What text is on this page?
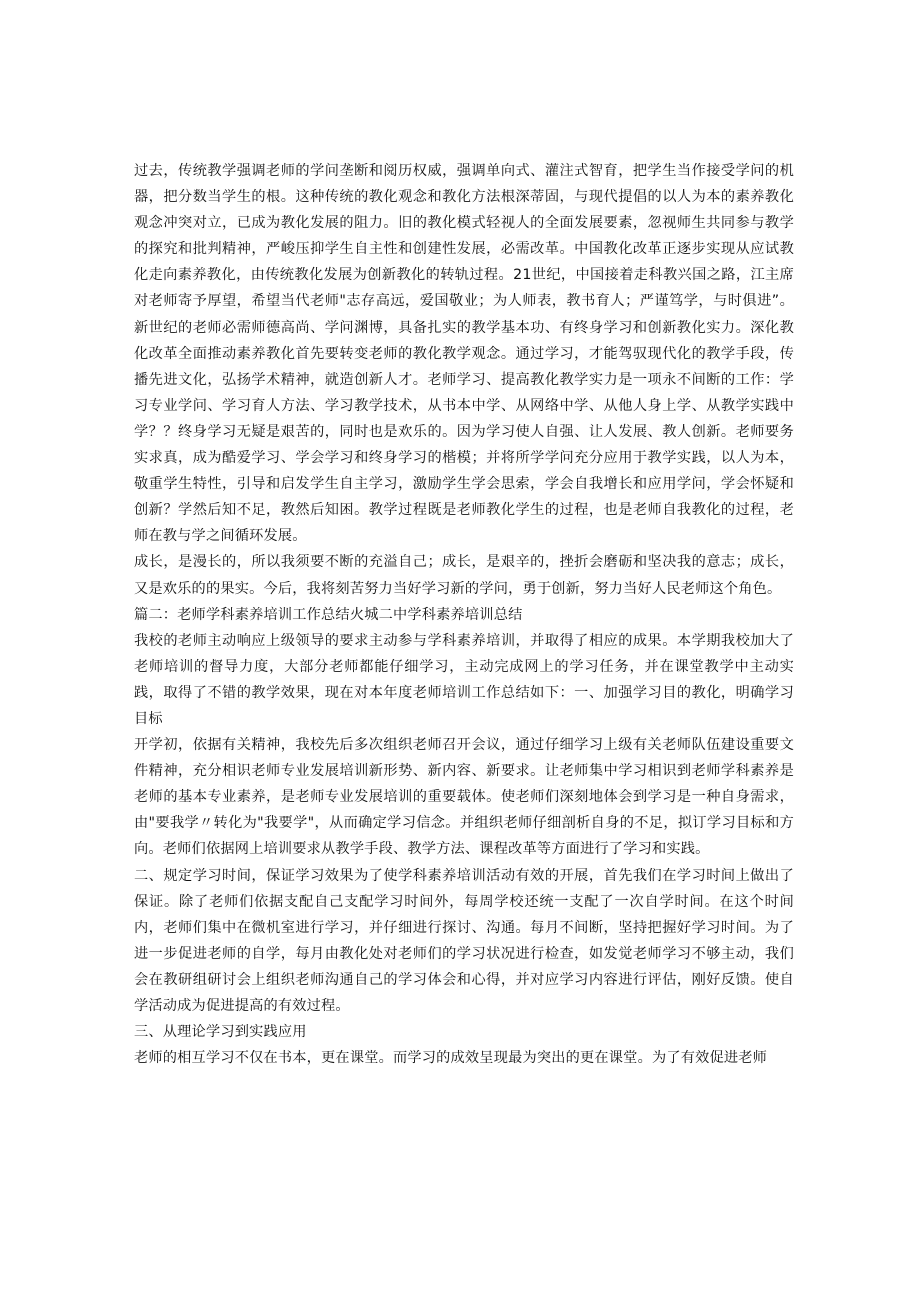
过去，传统教学强调老师的学问垄断和阅历权威，强调单向式、灌注式智育，把学生当作接受学问的机器，把分数当学生的根。这种传统的教化观念和教化方法根深蒂固，与现代提倡的以人为本的素养教化观念冲突对立，已成为教化发展的阻力。旧的教化模式轻视人的全面发展要素，忽视师生共同参与教学的探究和批判精神，严峻压抑学生自主性和创建性发展，必需改革。中国教化改革正逐步实现从应试教化走向素养教化，由传统教化发展为创新教化的转轨过程。21世纪，中国接着走科教兴国之路，江主席对老师寄予厚望，希望当代老师"志存高远，爱国敬业；为人师表，教书育人；严谨笃学，与时俱进”。新世纪的老师必需师德高尚、学问渊博，具备扎实的教学基本功、有终身学习和创新教化实力。深化教化改革全面推动素养教化首先要转变老师的教化教学观念。通过学习，才能驾驭现代化的教学手段，传播先进文化，弘扬学术精神，就造创新人才。老师学习、提高教化教学实力是一项永不间断的工作：学习专业学问、学习育人方法、学习教学技术，从书本中学、从网络中学、从他人身上学、从教学实践中学？？终身学习无疑是艰苦的，同时也是欢乐的。因为学习使人自强、让人发展、教人创新。老师要务实求真，成为酷爱学习、学会学习和终身学习的楷模；并将所学学问充分应用于教学实践，以人为本，敬重学生特性，引导和启发学生自主学习，激励学生学会思索，学会自我增长和应用学问，学会怀疑和创新？学然后知不足，教然后知困。教学过程既是老师教化学生的过程，也是老师自我教化的过程，老师在教与学之间循环发展。

成长，是漫长的，所以我须要不断的充溢自己；成长，是艰辛的，挫折会磨砺和坚决我的意志；成长，又是欢乐的的果实。今后，我将刻苦努力当好学习新的学问，勇于创新，努力当好人民老师这个角色。

篇二：老师学科素养培训工作总结火城二中学科素养培训总结

我校的老师主动响应上级领导的要求主动参与学科素养培训，并取得了相应的成果。本学期我校加大了老师培训的督导力度，大部分老师都能仔细学习，主动完成网上的学习任务，并在课堂教学中主动实践，取得了不错的教学效果，现在对本年度老师培训工作总结如下：一、加强学习目的教化，明确学习目标

开学初，依据有关精神，我校先后多次组织老师召开会议，通过仔细学习上级有关老师队伍建设重要文件精神，充分相识老师专业发展培训新形势、新内容、新要求。让老师集中学习相识到老师学科素养是老师的基本专业素养，是老师专业发展培训的重要载体。使老师们深刻地体会到学习是一种自身需求，由"要我学〃转化为"我要学"，从而确定学习信念。并组织老师仔细剖析自身的不足，拟订学习目标和方向。老师们依据网上培训要求从教学手段、教学方法、课程改革等方面进行了学习和实践。

二、规定学习时间，保证学习效果为了使学科素养培训活动有效的开展，首先我们在学习时间上做出了保证。除了老师们依据支配自己支配学习时间外，每周学校还统一支配了一次自学时间。在这个时间内，老师们集中在微机室进行学习，并仔细进行探讨、沟通。每月不间断，坚持把握好学习时间。为了进一步促进老师的自学，每月由教化处对老师们的学习状况进行检查，如发觉老师学习不够主动，我们会在教研组研讨会上组织老师沟通自己的学习体会和心得，并对应学习内容进行评估，刚好反馈。使自学活动成为促进提高的有效过程。

三、从理论学习到实践应用

老师的相互学习不仅在书本，更在课堂。而学习的成效呈现最为突出的更在课堂。为了有效促进老师
